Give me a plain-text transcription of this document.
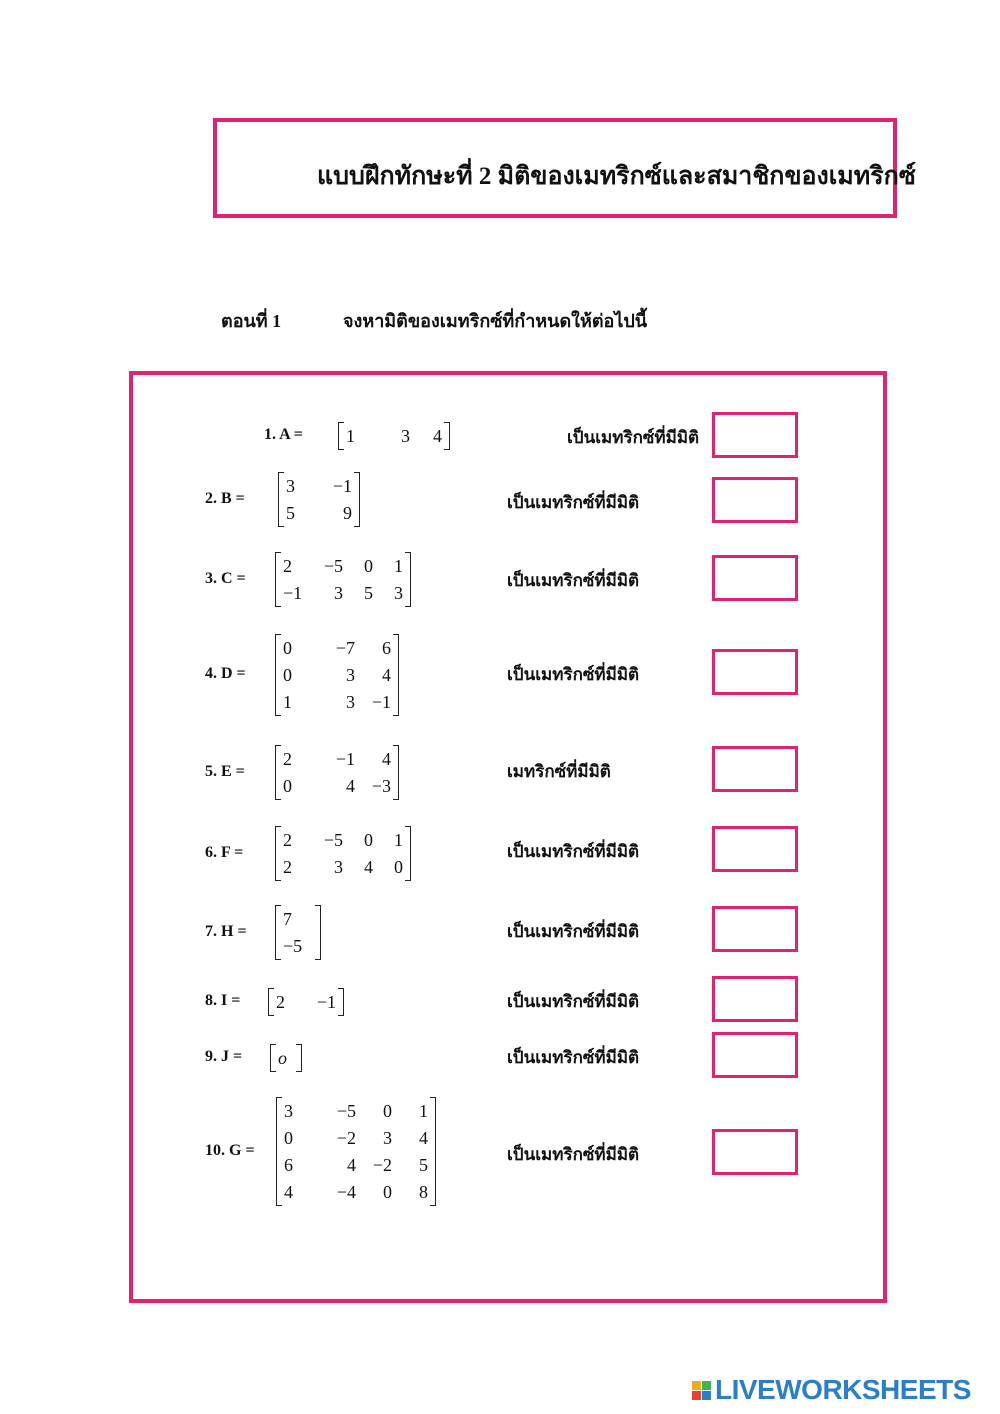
แบบฝึกทักษะที่ 2 มิติของเมทริกซ์และสมาชิกของเมทริกซ์
ตอนที่ 1	จงหามิติของเมทริกซ์ที่กำหนดให้ต่อไปนี้
1. A = 1	3	4	เป็นเมทริกซ์ที่มีมิติ
2. B =
3	−1
5	9
เป็นเมทริกซ์ที่มีมิติ
3. C =
2	−5	0	1
−1	3	5	3
เป็นเมทริกซ์ที่มีมิติ
4. D =
0	−7	6
0	3	4
1	3 −1
เป็นเมทริกซ์ที่มีมิติ
5. E =
2	−1	4
0	4 −3
เมทริกซ์ที่มีมิติ
6. F =
2	−5	0	1
2	3	4	0
เป็นเมทริกซ์ที่มีมิติ
7. H =
7
−5
เป็นเมทริกซ์ที่มีมิติ
8. I = 2	−1	เป็นเมทริกซ์ที่มีมิติ
9. J = o	เป็นเมทริกซ์ที่มีมิติ
10. G =
3	−5	0	1
0	−2	3	4
6	4 −2	5
4	−4	0	8
เป็นเมทริกซ์ที่มีมิติ
LIVEWORKSHEETS
